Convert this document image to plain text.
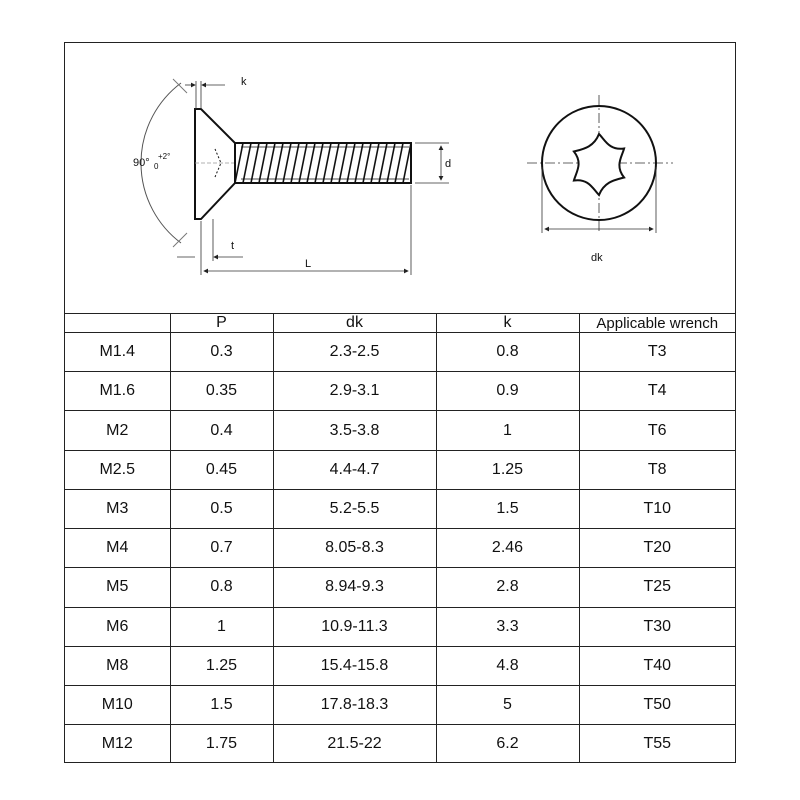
90°
+2°
0
k
d
t
L	dk
	P	dk	k	Applicable wrench
M1.4	0.3	2.3-2.5	0.8	T3
M1.6	0.35	2.9-3.1	0.9	T4
M2	0.4	3.5-3.8	1	T6
M2.5	0.45	4.4-4.7	1.25	T8
M3	0.5	5.2-5.5	1.5	T10
M4	0.7	8.05-8.3	2.46	T20
M5	0.8	8.94-9.3	2.8	T25
M6	1	10.9-11.3	3.3	T30
M8	1.25	15.4-15.8	4.8	T40
M10	1.5	17.8-18.3	5	T50
M12	1.75	21.5-22	6.2	T55
